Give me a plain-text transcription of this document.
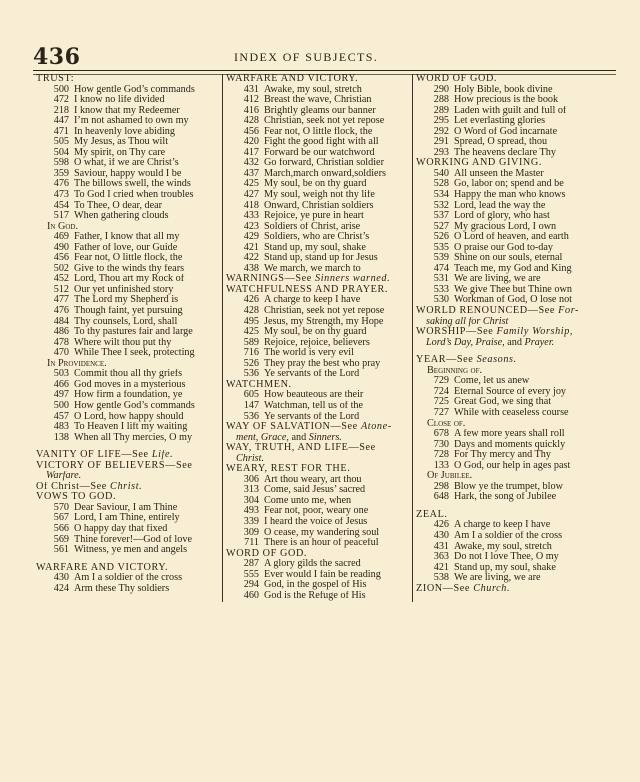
436	INDEX OF SUBJECTS.
TRUST:
500 How gentle God’s commands
472 I know no life divided
218 I know that my Redeemer
447 I’m not ashamed to own my
471 In heavenly love abiding
505 My Jesus, as Thou wilt
504 My spirit, on Thy care
598 O what, if we are Christ’s
359 Saviour, happy would I be
476 The billows swell, the winds
473 To God I cried when troubles
454 To Thee, O dear, dear
517 When gathering clouds
In God.
469 Father, I know that all my
490 Father of love, our Guide
456 Fear not, O little flock, the
502 Give to the winds thy fears
452 Lord, Thou art my Rock of
512 Our yet unfinished story
477 The Lord my Shepherd is
476 Though faint, yet pursuing
484 Thy counsels, Lord, shall
486 To thy pastures fair and large
478 Where wilt thou put thy
470 While Thee I seek, protecting
In Providence.
503 Commit thou all thy griefs
466 God moves in a mysterious
497 How firm a foundation, ye
500 How gentle God’s commands
457 O Lord, how happy should
483 To Heaven I lift my waiting
138 When all Thy mercies, O my
VANITY OF LIFE—See Life.
VICTORY OF BELIEVERS—See
Warfare.
Of Christ—See Christ.
VOWS TO GOD.
570 Dear Saviour, I am Thine
567 Lord, I am Thine, entirely
566 O happy day that fixed
569 Thine forever!—God of love
561 Witness, ye men and angels
WARFARE AND VICTORY.
430 Am I a soldier of the cross
424 Arm these Thy soldiers
WARFARE AND VICTORY.
431 Awake, my soul, stretch
412 Breast the wave, Christian
416 Brightly gleams our banner
428 Christian, seek not yet repose
456 Fear not, O little flock, the
420 Fight the good fight with all
417 Forward be our watchword
432 Go forward, Christian soldier
437 March,march onward,soldiers
425 My soul, be on thy guard
427 My soul, weigh not thy life
418 Onward, Christian soldiers
433 Rejoice, ye pure in heart
423 Soldiers of Christ, arise
429 Soldiers, who are Christ’s
421 Stand up, my soul, shake
422 Stand up, stand up for Jesus
438 We march, we march to
WARNINGS—See Sinners warned.
WATCHFULNESS AND PRAYER.
426 A charge to keep I have
428 Christian, seek not yet repose
495 Jesus, my Strength, my Hope
425 My soul, be on thy guard
589 Rejoice, rejoice, believers
716 The world is very evil
526 They pray the best who pray
536 Ye servants of the Lord
WATCHMEN.
605 How beauteous are their
147 Watchman, tell us of the
536 Ye servants of the Lord
WAY OF SALVATION—See Atone-
ment, Grace, and Sinners.
WAY, TRUTH, AND LIFE—See
Christ.
WEARY, REST FOR THE.
306 Art thou weary, art thou
313 Come, said Jesus’ sacred
304 Come unto me, when
493 Fear not, poor, weary one
339 I heard the voice of Jesus
309 O cease, my wandering soul
711 There is an hour of peaceful
WORD OF GOD.
287 A glory gilds the sacred
555 Ever would I fain be reading
294 God, in the gospel of His
460 God is the Refuge of His
WORD OF GOD.
290 Holy Bible, book divine
288 How precious is the book
289 Laden with guilt and full of
295 Let everlasting glories
292 O Word of God incarnate
291 Spread, O spread, thou
293 The heavens declare Thy
WORKING AND GIVING.
540 All unseen the Master
528 Go, labor on; spend and be
534 Happy the man who knows
532 Lord, lead the way the
537 Lord of glory, who hast
527 My gracious Lord, I own
526 O Lord of heaven, and earth
535 O praise our God to-day
539 Shine on our souls, eternal
474 Teach me, my God and King
531 We are living, we are
533 We give Thee but Thine own
530 Workman of God, O lose not
WORLD RENOUNCED—See For-
saking all for Christ
WORSHIP—See Family Worship,
Lord’s Day, Praise, and Prayer.
YEAR—See Seasons.
Beginning of.
729 Come, let us anew
724 Eternal Source of every joy
725 Great God, we sing that
727 While with ceaseless course
Close of.
678 A few more years shall roll
730 Days and moments quickly
728 For Thy mercy and Thy
133 O God, our help in ages past
Of Jubilee.
298 Blow ye the trumpet, blow
648 Hark, the song of Jubilee
ZEAL.
426 A charge to keep I have
430 Am I a soldier of the cross
431 Awake, my soul, stretch
363 Do not I love Thee, O my
421 Stand up, my soul, shake
538 We are living, we are
ZION—See Church.
